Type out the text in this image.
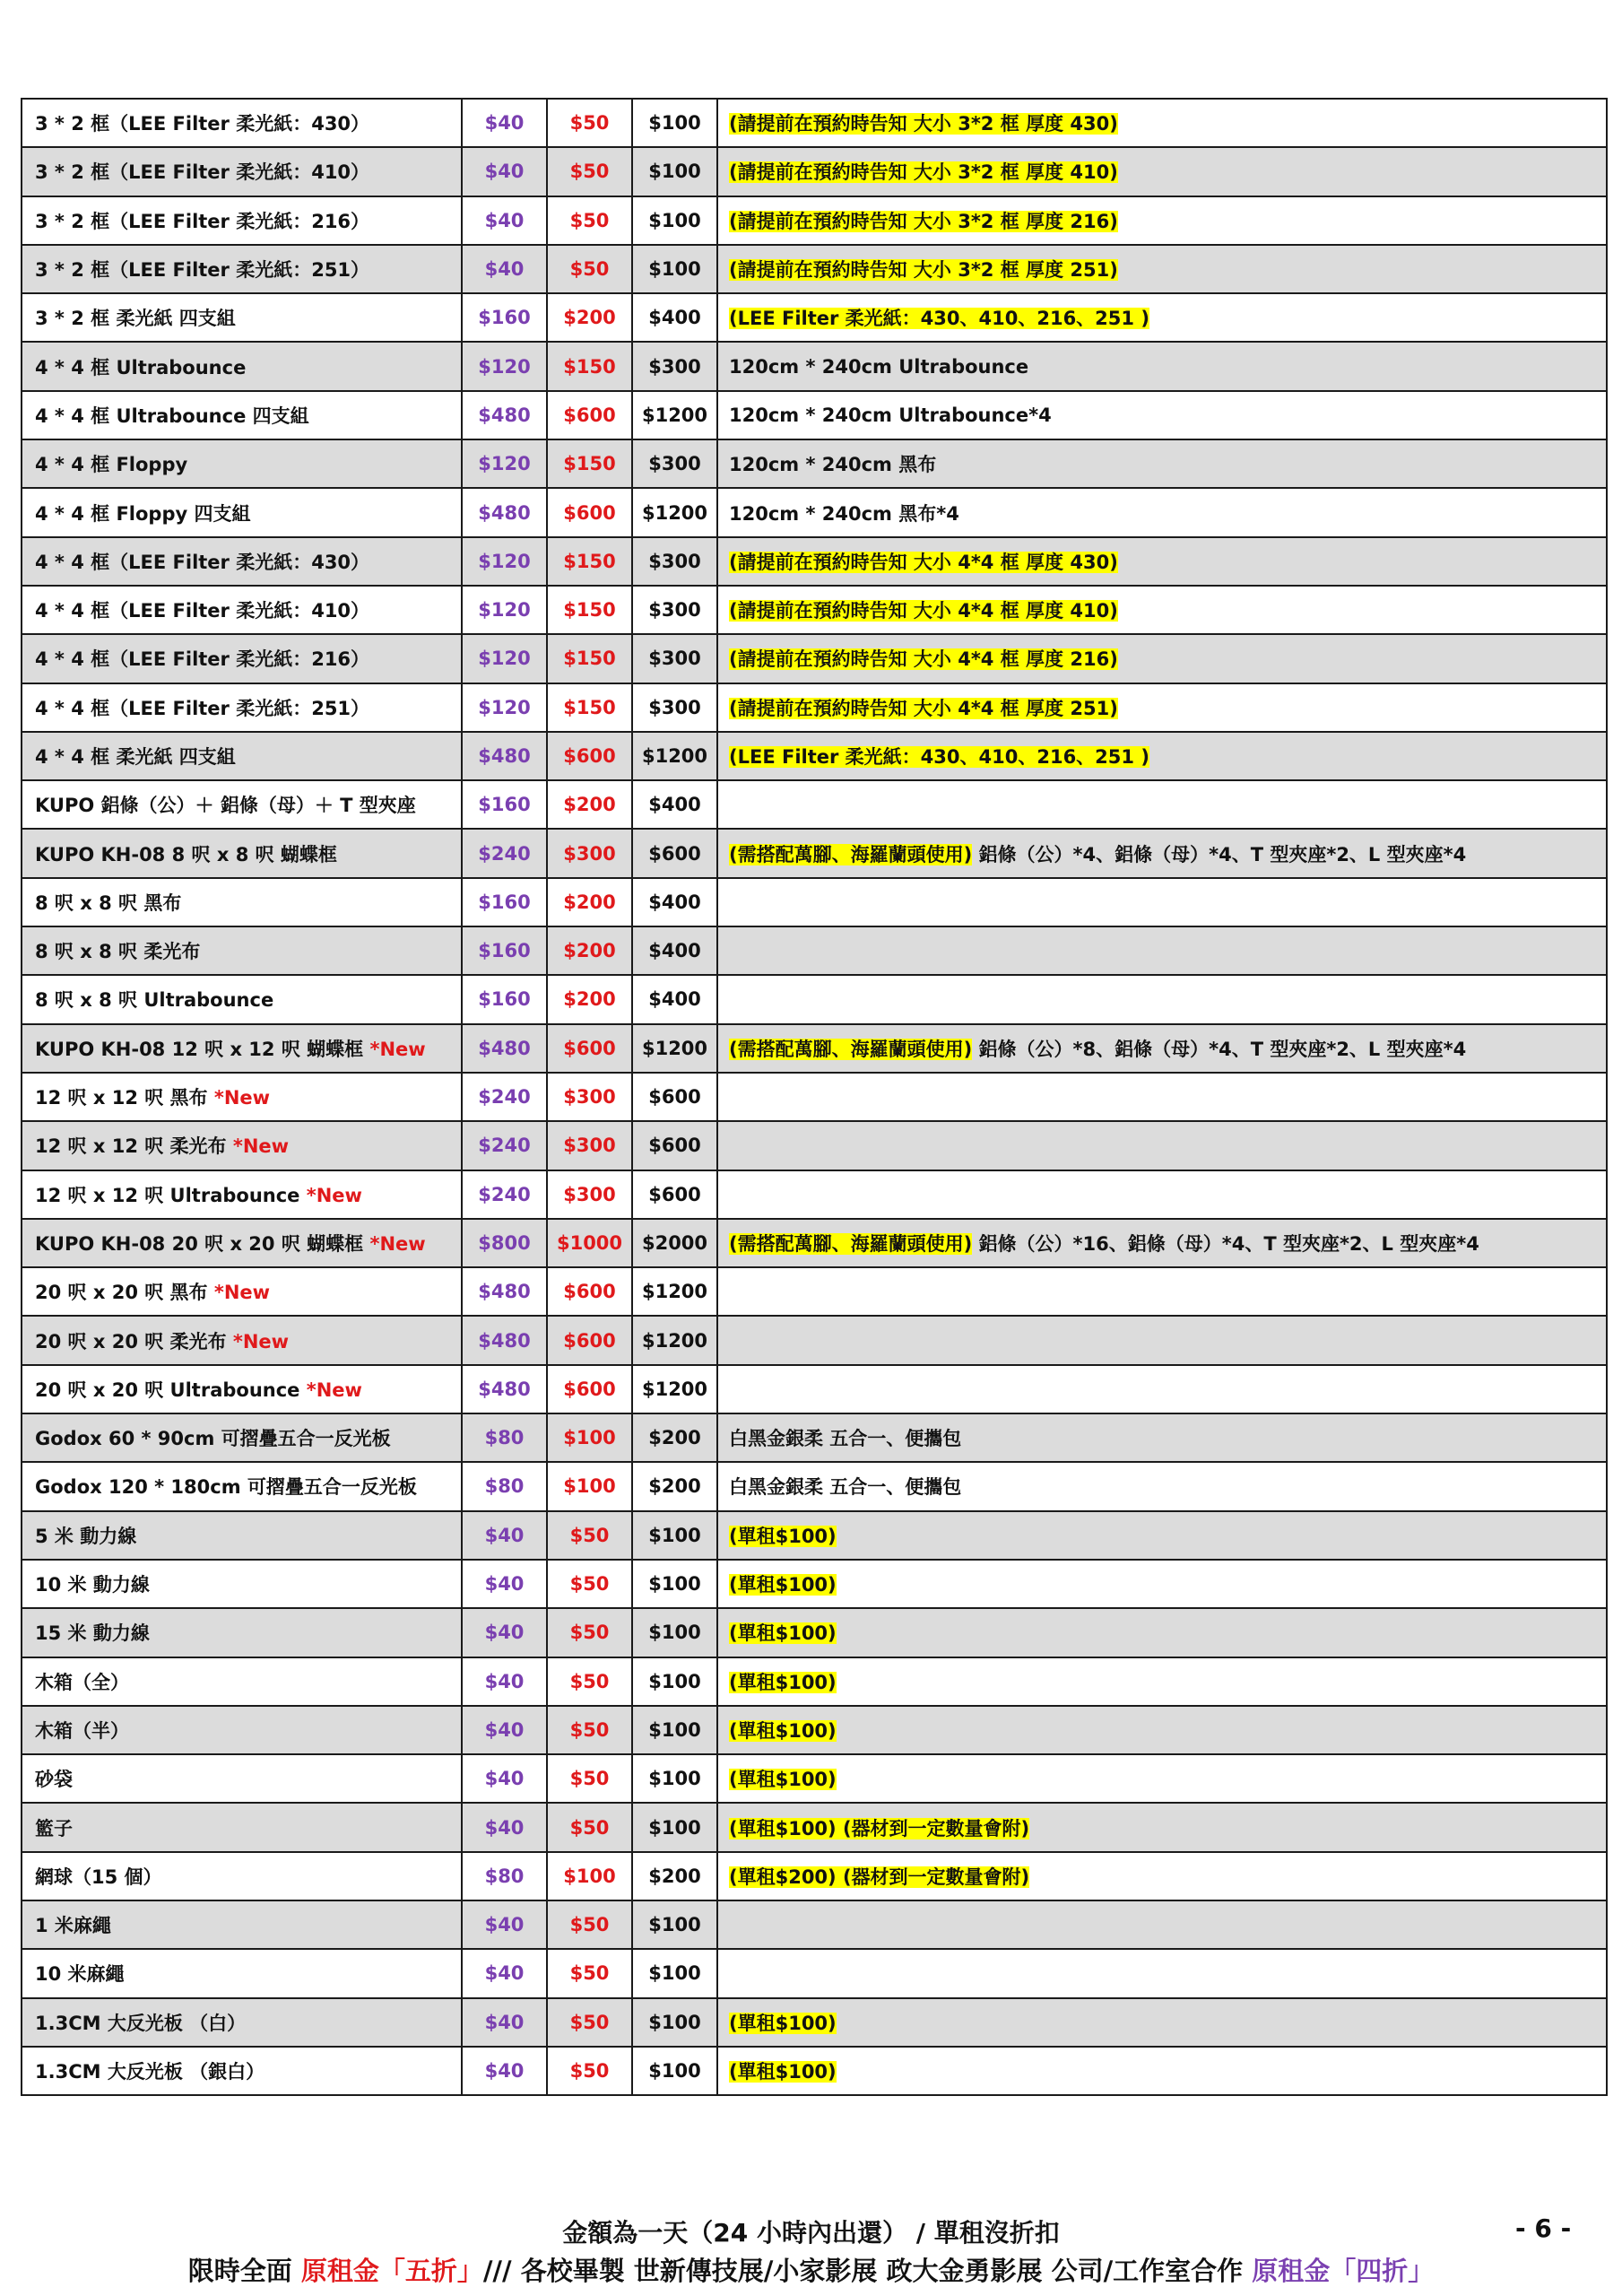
3 * 2 框（LEE Filter 柔光紙：430）	$40	$50	$100	(請提前在預約時告知 大小 3*2 框 厚度 430)
3 * 2 框（LEE Filter 柔光紙：410）	$40	$50	$100	(請提前在預約時告知 大小 3*2 框 厚度 410)
3 * 2 框（LEE Filter 柔光紙：216）	$40	$50	$100	(請提前在預約時告知 大小 3*2 框 厚度 216)
3 * 2 框（LEE Filter 柔光紙：251）	$40	$50	$100	(請提前在預約時告知 大小 3*2 框 厚度 251)
3 * 2 框 柔光紙 四支組	$160	$200	$400	(LEE Filter 柔光紙：430、410、216、251 )
4 * 4 框 Ultrabounce	$120	$150	$300	120cm * 240cm Ultrabounce
4 * 4 框 Ultrabounce 四支組	$480	$600	$1200	120cm * 240cm Ultrabounce*4
4 * 4 框 Floppy	$120	$150	$300	120cm * 240cm 黑布
4 * 4 框 Floppy 四支組	$480	$600	$1200	120cm * 240cm 黑布*4
4 * 4 框（LEE Filter 柔光紙：430）	$120	$150	$300	(請提前在預約時告知 大小 4*4 框 厚度 430)
4 * 4 框（LEE Filter 柔光紙：410）	$120	$150	$300	(請提前在預約時告知 大小 4*4 框 厚度 410)
4 * 4 框（LEE Filter 柔光紙：216）	$120	$150	$300	(請提前在預約時告知 大小 4*4 框 厚度 216)
4 * 4 框（LEE Filter 柔光紙：251）	$120	$150	$300	(請提前在預約時告知 大小 4*4 框 厚度 251)
4 * 4 框 柔光紙 四支組	$480	$600	$1200	(LEE Filter 柔光紙：430、410、216、251 )
KUPO 鋁條（公）＋ 鋁條（母）＋ T 型夾座	$160	$200	$400	
KUPO KH-08 8 呎 x 8 呎 蝴蝶框	$240	$300	$600	(需搭配萬腳、海羅蘭頭使用) 鋁條（公）*4、鋁條（母）*4、T 型夾座*2、L 型夾座*4
8 呎 x 8 呎 黑布	$160	$200	$400	
8 呎 x 8 呎 柔光布	$160	$200	$400	
8 呎 x 8 呎 Ultrabounce	$160	$200	$400	
KUPO KH-08 12 呎 x 12 呎 蝴蝶框 *New	$480	$600	$1200	(需搭配萬腳、海羅蘭頭使用) 鋁條（公）*8、鋁條（母）*4、T 型夾座*2、L 型夾座*4
12 呎 x 12 呎 黑布 *New	$240	$300	$600	
12 呎 x 12 呎 柔光布 *New	$240	$300	$600	
12 呎 x 12 呎 Ultrabounce *New	$240	$300	$600	
KUPO KH-08 20 呎 x 20 呎 蝴蝶框 *New	$800	$1000	$2000	(需搭配萬腳、海羅蘭頭使用) 鋁條（公）*16、鋁條（母）*4、T 型夾座*2、L 型夾座*4
20 呎 x 20 呎 黑布 *New	$480	$600	$1200	
20 呎 x 20 呎 柔光布 *New	$480	$600	$1200	
20 呎 x 20 呎 Ultrabounce *New	$480	$600	$1200	
Godox 60 * 90cm 可摺疊五合一反光板	$80	$100	$200	白黑金銀柔 五合一、便攜包
Godox 120 * 180cm 可摺疊五合一反光板	$80	$100	$200	白黑金銀柔 五合一、便攜包
5 米 動力線	$40	$50	$100	(單租$100)
10 米 動力線	$40	$50	$100	(單租$100)
15 米 動力線	$40	$50	$100	(單租$100)
木箱（全）	$40	$50	$100	(單租$100)
木箱（半）	$40	$50	$100	(單租$100)
砂袋	$40	$50	$100	(單租$100)
籃子	$40	$50	$100	(單租$100) (器材到一定數量會附)
網球（15 個）	$80	$100	$200	(單租$200) (器材到一定數量會附)
1 米麻繩	$40	$50	$100	
10 米麻繩	$40	$50	$100	
1.3CM 大反光板 （白）	$40	$50	$100	(單租$100)
1.3CM 大反光板 （銀白）	$40	$50	$100	(單租$100)
金額為一天（24 小時內出還） / 單租沒折扣	- 6 -
限時全面 原租金「五折」/// 各校畢製 世新傳技展/小家影展 政大金勇影展 公司/工作室合作 原租金「四折」
